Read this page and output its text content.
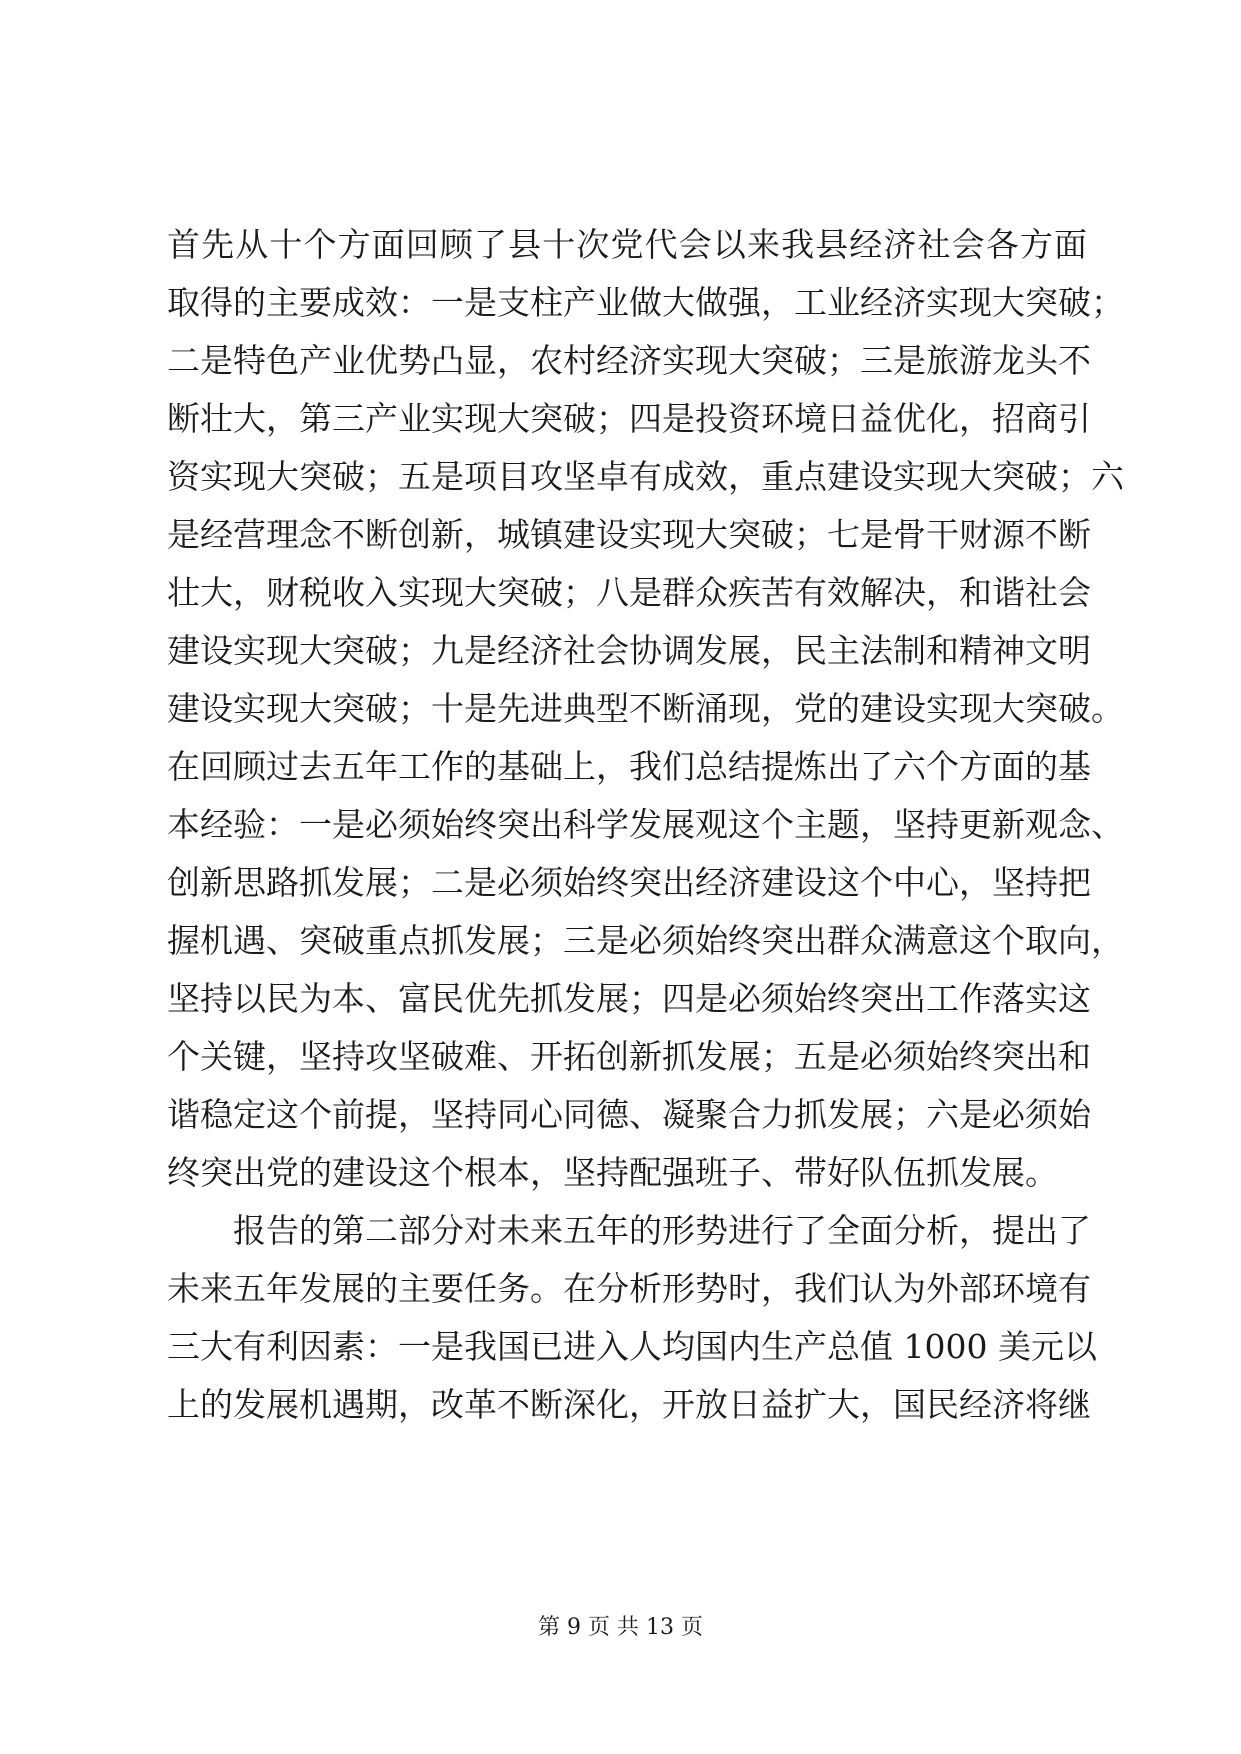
首先从十个方面回顾了县十次党代会以来我县经济社会各方面
取得的主要成效：一是支柱产业做大做强，工业经济实现大突破；
二是特色产业优势凸显，农村经济实现大突破；三是旅游龙头不
断壮大，第三产业实现大突破；四是投资环境日益优化，招商引
资实现大突破；五是项目攻坚卓有成效，重点建设实现大突破；六
是经营理念不断创新，城镇建设实现大突破；七是骨干财源不断
壮大，财税收入实现大突破；八是群众疾苦有效解决，和谐社会
建设实现大突破；九是经济社会协调发展，民主法制和精神文明
建设实现大突破；十是先进典型不断涌现，党的建设实现大突破。
在回顾过去五年工作的基础上，我们总结提炼出了六个方面的基
本经验：一是必须始终突出科学发展观这个主题，坚持更新观念、
创新思路抓发展；二是必须始终突出经济建设这个中心，坚持把
握机遇、突破重点抓发展；三是必须始终突出群众满意这个取向，
坚持以民为本、富民优先抓发展；四是必须始终突出工作落实这
个关键，坚持攻坚破难、开拓创新抓发展；五是必须始终突出和
谐稳定这个前提，坚持同心同德、凝聚合力抓发展；六是必须始
终突出党的建设这个根本，坚持配强班子、带好队伍抓发展。
　　报告的第二部分对未来五年的形势进行了全面分析，提出了
未来五年发展的主要任务。在分析形势时，我们认为外部环境有
三大有利因素：一是我国已进入人均国内生产总值 1000 美元以
上的发展机遇期，改革不断深化，开放日益扩大，国民经济将继
第 9 页 共 13 页
